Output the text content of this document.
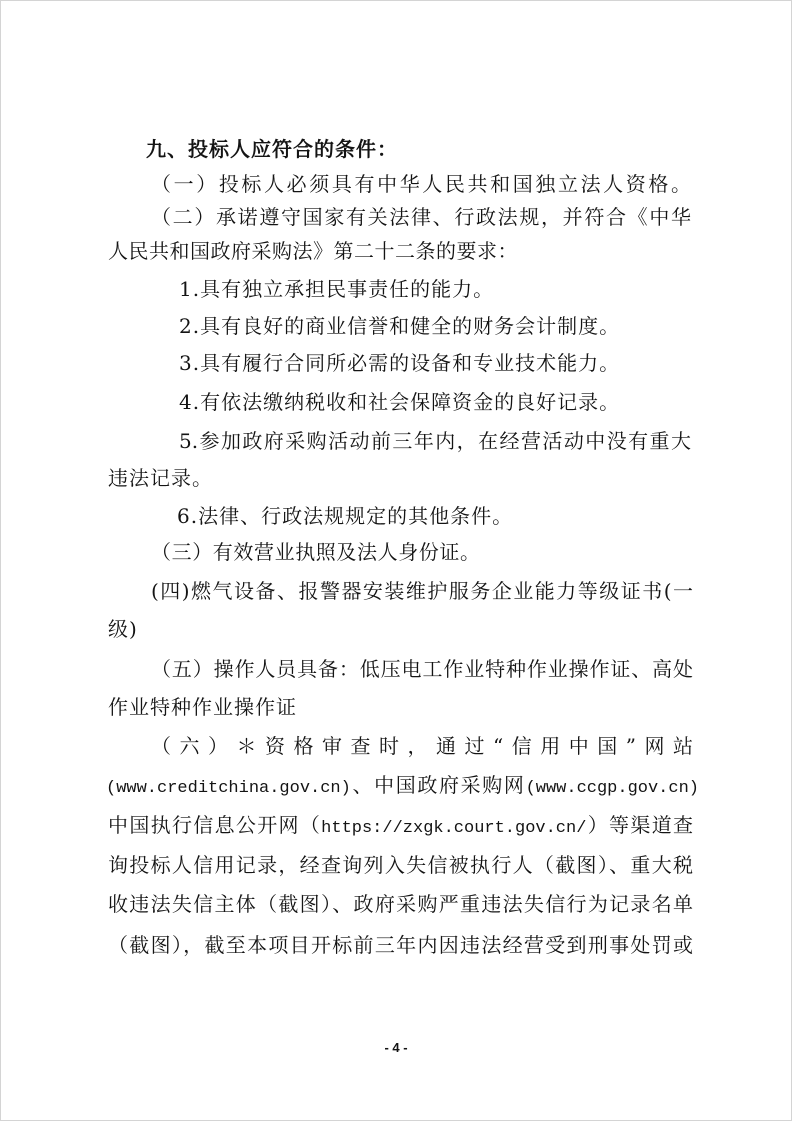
九、投标人应符合的条件：
（一）投标人必须具有中华人民共和国独立法人资格。
（二）承诺遵守国家有关法律、行政法规，并符合《中华
人民共和国政府采购法》第二十二条的要求：
1.具有独立承担民事责任的能力。
2.具有良好的商业信誉和健全的财务会计制度。
3.具有履行合同所必需的设备和专业技术能力。
4.有依法缴纳税收和社会保障资金的良好记录。
5.参加政府采购活动前三年内，在经营活动中没有重大
违法记录。
6.法律、行政法规规定的其他条件。
（三）有效营业执照及法人身份证。
(四)燃气设备、报警器安装维护服务企业能力等级证书(一
级)
（五）操作人员具备：低压电工作业特种作业操作证、高处
作业特种作业操作证
（六）＊资格审查时，通过“信用中国”网站
(www.creditchina.gov.cn)、中国政府采购网(www.ccgp.gov.cn)
中国执行信息公开网（https://zxgk.court.gov.cn/）等渠道查
询投标人信用记录，经查询列入失信被执行人（截图）、重大税
收违法失信主体（截图）、政府采购严重违法失信行为记录名单
（截图），截至本项目开标前三年内因违法经营受到刑事处罚或
- 4 -
